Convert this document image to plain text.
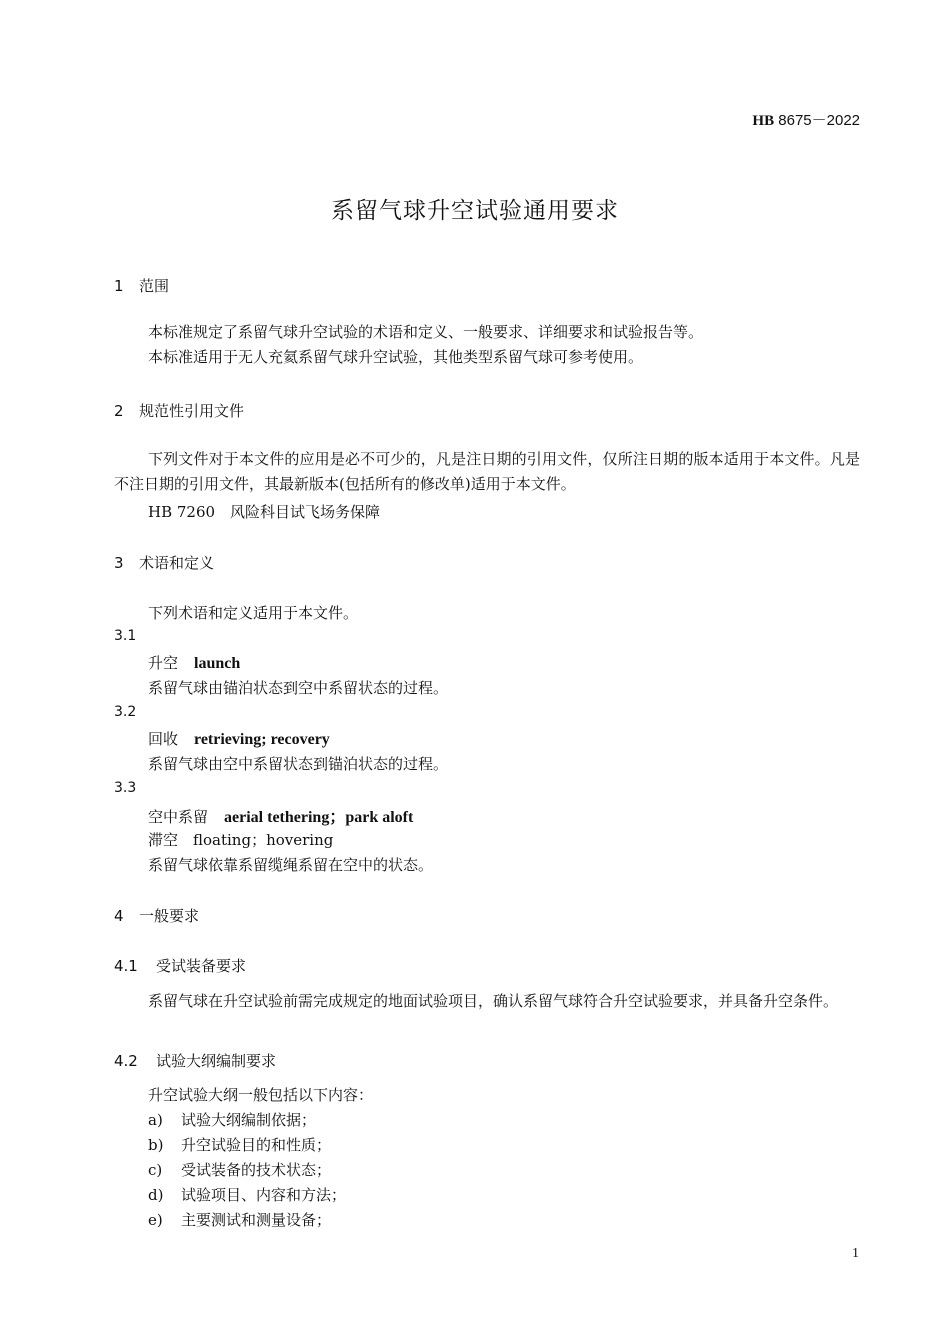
HB 8675－2022
系留气球升空试验通用要求
1 范围
本标准规定了系留气球升空试验的术语和定义、一般要求、详细要求和试验报告等。
本标准适用于无人充氦系留气球升空试验，其他类型系留气球可参考使用。
2 规范性引用文件
下列文件对于本文件的应用是必不可少的，凡是注日期的引用文件，仅所注日期的版本适用于本文件。凡是不注日期的引用文件，其最新版本(包括所有的修改单)适用于本文件。
HB 7260　风险科目试飞场务保障
3 术语和定义
下列术语和定义适用于本文件。
3.1
升空 launch
系留气球由锚泊状态到空中系留状态的过程。
3.2
回收 retrieving; recovery
系留气球由空中系留状态到锚泊状态的过程。
3.3
空中系留 aerial tethering；park aloft
滞空　floating；hovering
系留气球依靠系留缆绳系留在空中的状态。
4 一般要求
4.1 受试装备要求
系留气球在升空试验前需完成规定的地面试验项目，确认系留气球符合升空试验要求，并具备升空条件。
4.2 试验大纲编制要求
升空试验大纲一般包括以下内容：
a) 试验大纲编制依据；
b) 升空试验目的和性质；
c) 受试装备的技术状态；
d) 试验项目、内容和方法；
e) 主要测试和测量设备；
1
